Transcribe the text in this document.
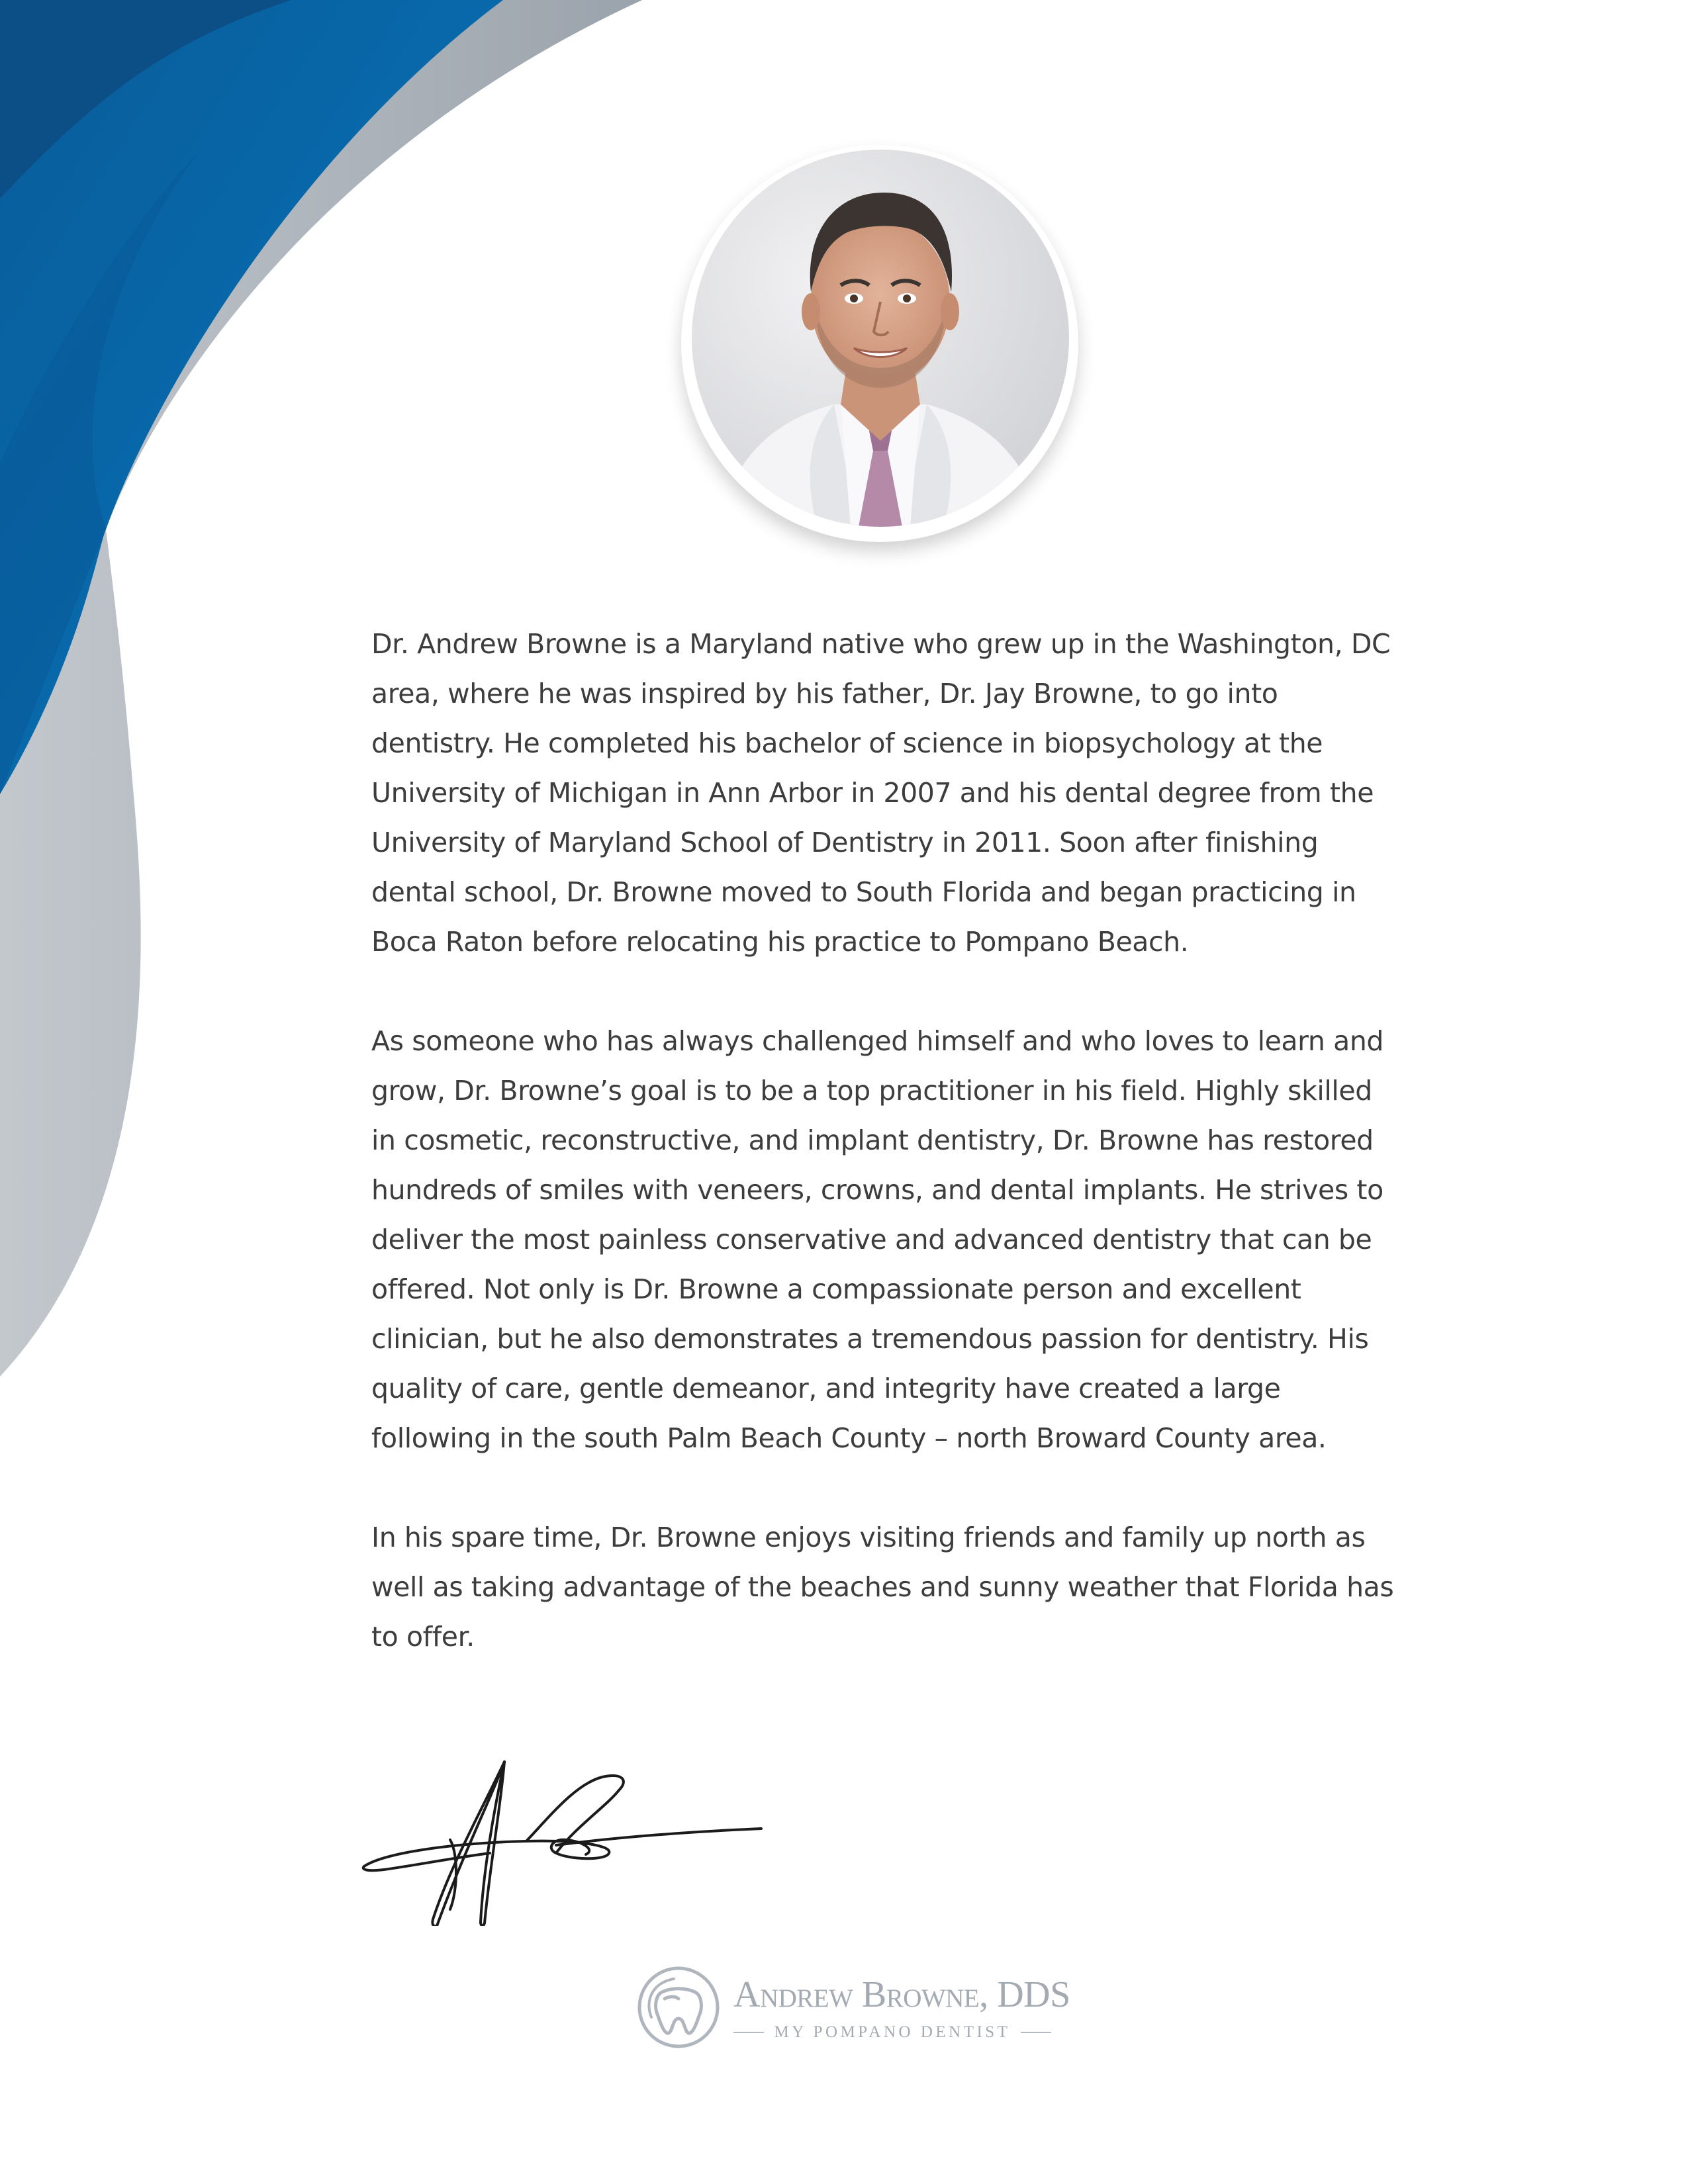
Dr. Andrew Browne is a Maryland native who grew up in the Washington, DC area, where he was inspired by his father, Dr. Jay Browne, to go into dentistry. He completed his bachelor of science in biopsychology at the University of Michigan in Ann Arbor in 2007 and his dental degree from the University of Maryland School of Dentistry in 2011. Soon after finishing dental school, Dr. Browne moved to South Florida and began practicing in Boca Raton before relocating his practice to Pompano Beach.

As someone who has always challenged himself and who loves to learn and grow, Dr. Browne’s goal is to be a top practitioner in his field. Highly skilled in cosmetic, reconstructive, and implant dentistry, Dr. Browne has restored hundreds of smiles with veneers, crowns, and dental implants. He strives to deliver the most painless conservative and advanced dentistry that can be offered. Not only is Dr. Browne a compassionate person and excellent clinician, but he also demonstrates a tremendous passion for dentistry. His quality of care, gentle demeanor, and integrity have created a large following in the south Palm Beach County – north Broward County area.

In his spare time, Dr. Browne enjoys visiting friends and family up north as well as taking advantage of the beaches and sunny weather that Florida has to offer.

Andrew Browne, DDS
MY POMPANO DENTIST
